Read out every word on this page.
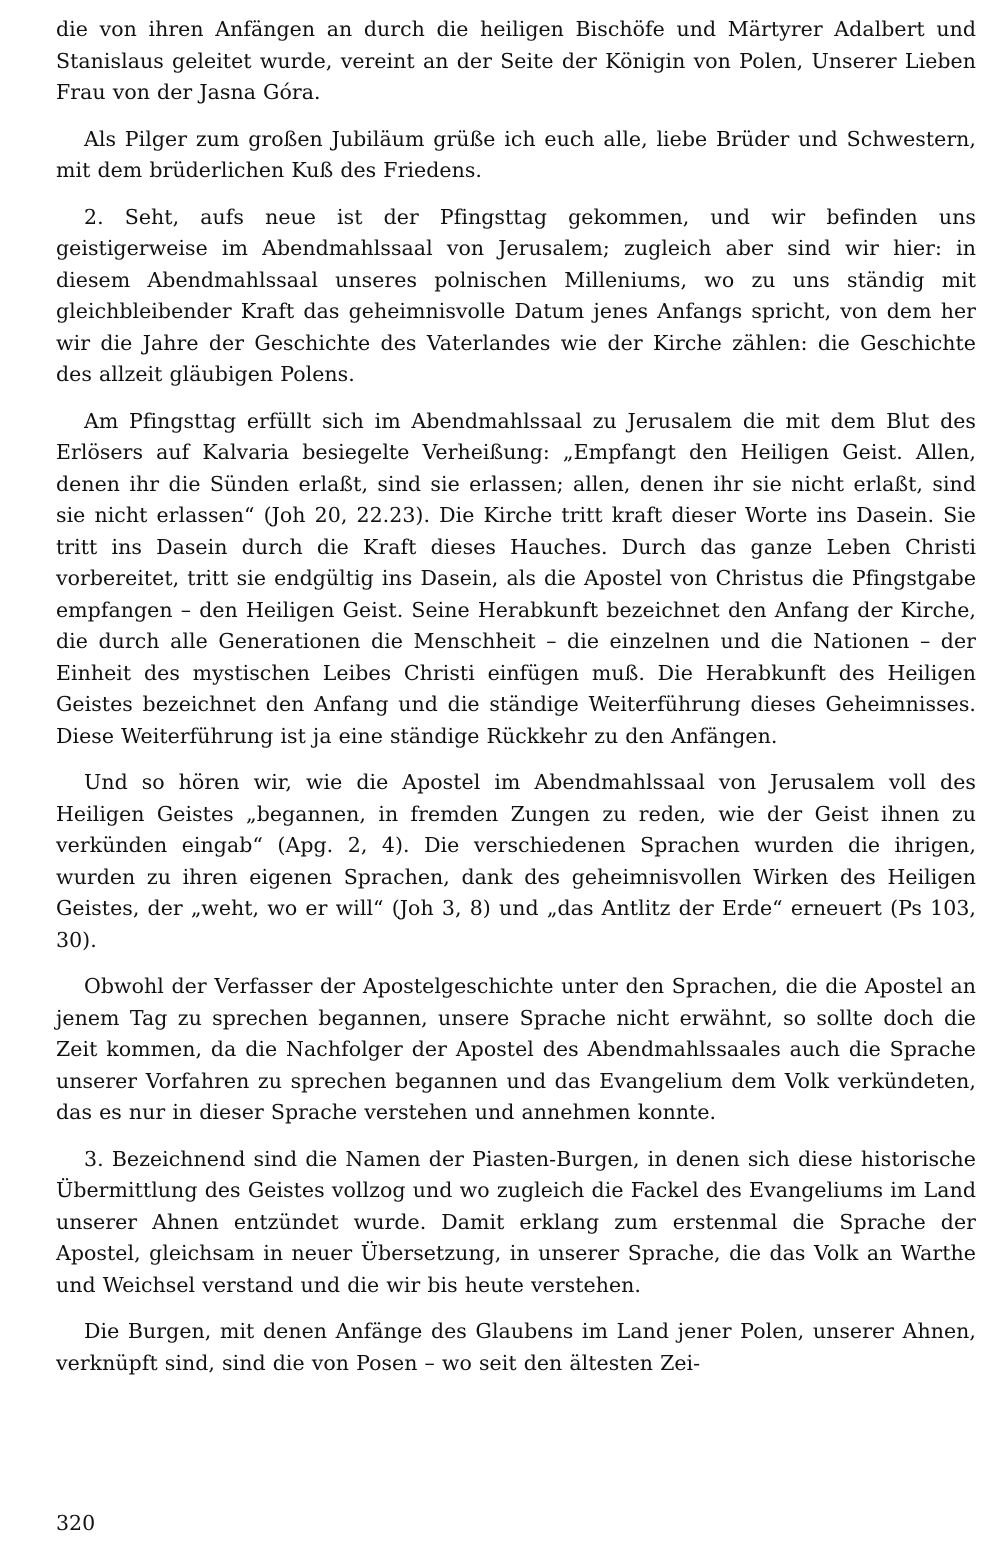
die von ihren Anfängen an durch die heiligen Bischöfe und Märtyrer Adalbert und Stanislaus geleitet wurde, vereint an der Seite der Königin von Polen, Unserer Lieben Frau von der Jasna Góra.

Als Pilger zum großen Jubiläum grüße ich euch alle, liebe Brüder und Schwestern, mit dem brüderlichen Kuß des Friedens.

2. Seht, aufs neue ist der Pfingsttag gekommen, und wir befinden uns geistigerweise im Abendmahlssaal von Jerusalem; zugleich aber sind wir hier: in diesem Abendmahlssaal unseres polnischen Milleniums, wo zu uns ständig mit gleichbleibender Kraft das geheimnisvolle Datum jenes Anfangs spricht, von dem her wir die Jahre der Geschichte des Vaterlandes wie der Kirche zählen: die Geschichte des allzeit gläubigen Polens.

Am Pfingsttag erfüllt sich im Abendmahlssaal zu Jerusalem die mit dem Blut des Erlösers auf Kalvaria besiegelte Verheißung: „Empfangt den Heiligen Geist. Allen, denen ihr die Sünden erlaßt, sind sie erlassen; allen, denen ihr sie nicht erlaßt, sind sie nicht erlassen“ (Joh 20, 22.23). Die Kirche tritt kraft dieser Worte ins Dasein. Sie tritt ins Dasein durch die Kraft dieses Hauches. Durch das ganze Leben Christi vorbereitet, tritt sie endgültig ins Dasein, als die Apostel von Christus die Pfingstgabe empfangen – den Heiligen Geist. Seine Herabkunft bezeichnet den Anfang der Kirche, die durch alle Generationen die Menschheit – die einzelnen und die Nationen – der Einheit des mystischen Leibes Christi einfügen muß. Die Herabkunft des Heiligen Geistes bezeichnet den Anfang und die ständige Weiterführung dieses Geheimnisses. Diese Weiterführung ist ja eine ständige Rückkehr zu den Anfängen.

Und so hören wir, wie die Apostel im Abendmahlssaal von Jerusalem voll des Heiligen Geistes „begannen, in fremden Zungen zu reden, wie der Geist ihnen zu verkünden eingab“ (Apg. 2, 4). Die verschiedenen Sprachen wurden die ihrigen, wurden zu ihren eigenen Sprachen, dank des geheimnisvollen Wirken des Heiligen Geistes, der „weht, wo er will“ (Joh 3, 8) und „das Antlitz der Erde“ erneuert (Ps 103, 30).

Obwohl der Verfasser der Apostelgeschichte unter den Sprachen, die die Apostel an jenem Tag zu sprechen begannen, unsere Sprache nicht erwähnt, so sollte doch die Zeit kommen, da die Nachfolger der Apostel des Abendmahlssaales auch die Sprache unserer Vorfahren zu sprechen begannen und das Evangelium dem Volk verkündeten, das es nur in dieser Sprache verstehen und annehmen konnte.

3. Bezeichnend sind die Namen der Piasten-Burgen, in denen sich diese historische Übermittlung des Geistes vollzog und wo zugleich die Fackel des Evangeliums im Land unserer Ahnen entzündet wurde. Damit erklang zum erstenmal die Sprache der Apostel, gleichsam in neuer Übersetzung, in unserer Sprache, die das Volk an Warthe und Weichsel verstand und die wir bis heute verstehen.

Die Burgen, mit denen Anfänge des Glaubens im Land jener Polen, unserer Ahnen, verknüpft sind, sind die von Posen – wo seit den ältesten Zei-

320
